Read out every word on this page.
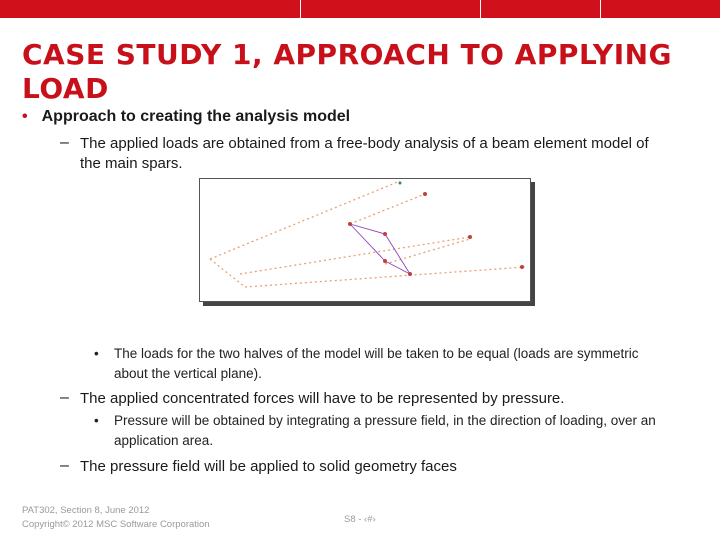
CASE STUDY 1, APPROACH TO APPLYING LOAD
• Approach to creating the analysis model
– The applied loads are obtained from a free-body analysis of a beam element model of the main spars.
• The loads for the two halves of the model will be taken to be equal (loads are symmetric about the vertical plane).
– The applied concentrated forces will have to be represented by pressure.
• Pressure will be obtained by integrating a pressure field, in the direction of loading, over an application area.
– The pressure field will be applied to solid geometry faces
PAT302, Section 8, June 2012
Copyright© 2012 MSC Software Corporation	S8 - ‹#›
